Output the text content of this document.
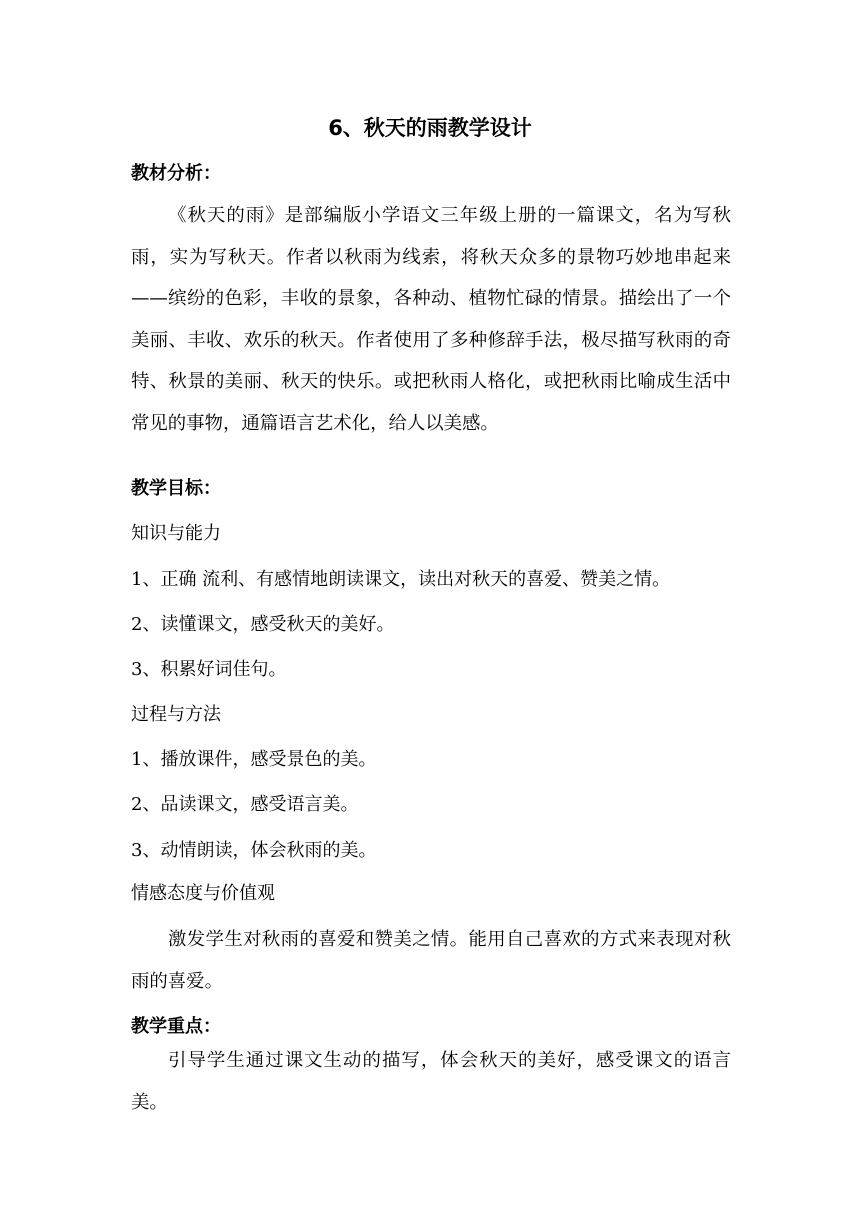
6、秋天的雨教学设计
教材分析：
《秋天的雨》是部编版小学语文三年级上册的一篇课文，名为写秋雨，实为写秋天。作者以秋雨为线索，将秋天众多的景物巧妙地串起来——缤纷的色彩，丰收的景象，各种动、植物忙碌的情景。描绘出了一个美丽、丰收、欢乐的秋天。作者使用了多种修辞手法，极尽描写秋雨的奇特、秋景的美丽、秋天的快乐。或把秋雨人格化，或把秋雨比喻成生活中常见的事物，通篇语言艺术化，给人以美感。
教学目标：
知识与能力
1、正确 流利、有感情地朗读课文，读出对秋天的喜爱、赞美之情。
2、读懂课文，感受秋天的美好。
3、积累好词佳句。
过程与方法
1、播放课件，感受景色的美。
2、品读课文，感受语言美。
3、动情朗读，体会秋雨的美。
情感态度与价值观
激发学生对秋雨的喜爱和赞美之情。能用自己喜欢的方式来表现对秋雨的喜爱。
教学重点：
引导学生通过课文生动的描写，体会秋天的美好，感受课文的语言美。
